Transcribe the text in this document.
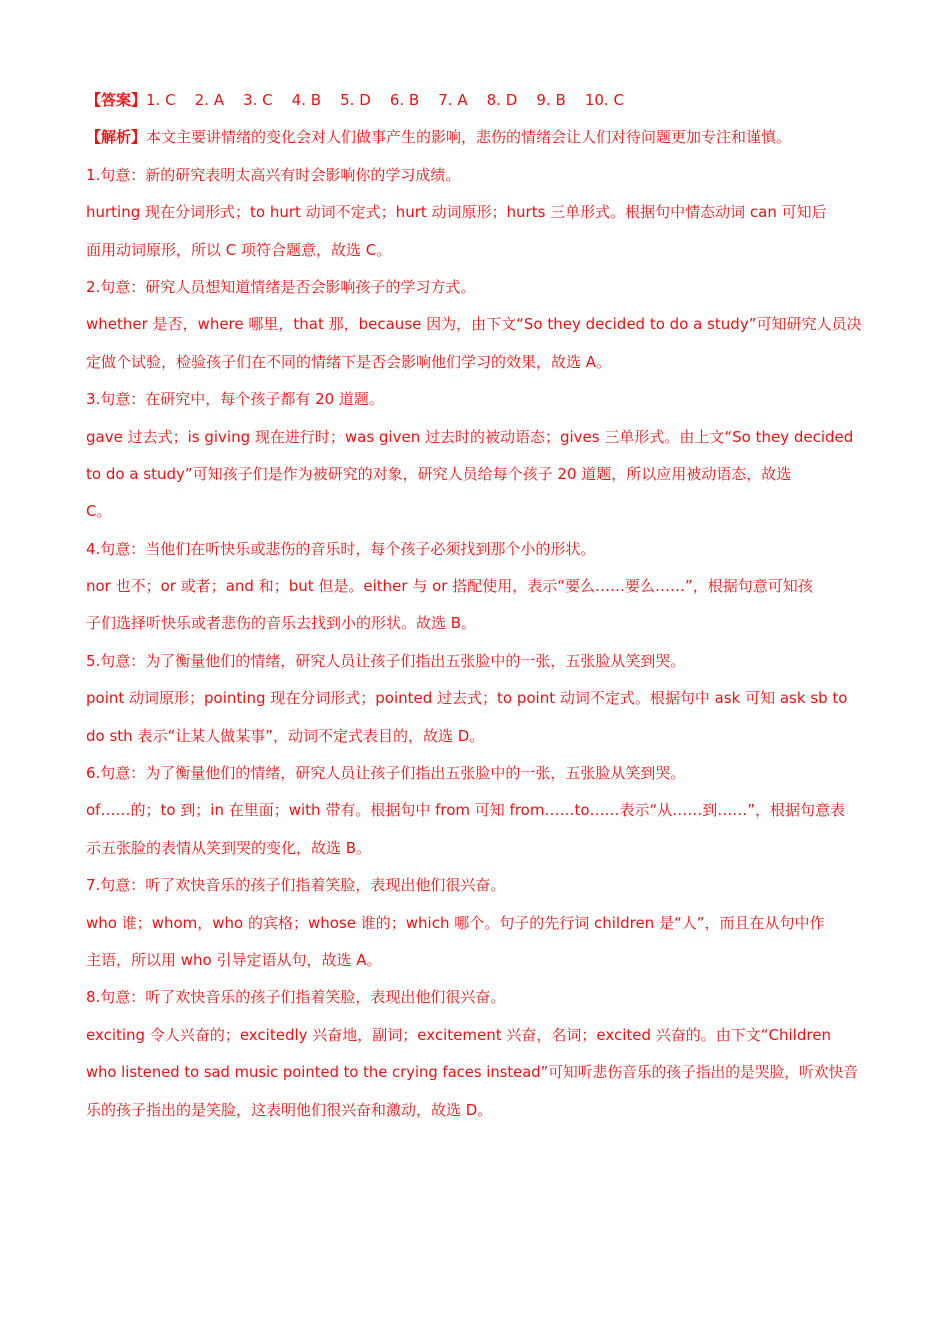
【答案】1. C    2. A    3. C    4. B    5. D    6. B    7. A    8. D    9. B    10. C
【解析】本文主要讲情绪的变化会对人们做事产生的影响，悲伤的情绪会让人们对待问题更加专注和谨慎。
1.句意：新的研究表明太高兴有时会影响你的学习成绩。
hurting 现在分词形式；to hurt 动词不定式；hurt 动词原形；hurts 三单形式。根据句中情态动词 can 可知后
面用动词原形，所以 C 项符合题意，故选 C。
2.句意：研究人员想知道情绪是否会影响孩子的学习方式。
whether 是否，where 哪里，that 那，because 因为，由下文“So they decided to do a study”可知研究人员决
定做个试验，检验孩子们在不同的情绪下是否会影响他们学习的效果，故选 A。
3.句意：在研究中，每个孩子都有 20 道题。
gave 过去式；is giving 现在进行时；was given 过去时的被动语态；gives 三单形式。由上文“So they decided
to do a study”可知孩子们是作为被研究的对象，研究人员给每个孩子 20 道题，所以应用被动语态，故选
C。
4.句意：当他们在听快乐或悲伤的音乐时，每个孩子必须找到那个小的形状。
nor 也不；or 或者；and 和；but 但是。either 与 or 搭配使用，表示“要么……要么……”，根据句意可知孩
子们选择听快乐或者悲伤的音乐去找到小的形状。故选 B。
5.句意：为了衡量他们的情绪，研究人员让孩子们指出五张脸中的一张，五张脸从笑到哭。
point 动词原形；pointing 现在分词形式；pointed 过去式；to point 动词不定式。根据句中 ask 可知 ask sb to
do sth 表示“让某人做某事”，动词不定式表目的，故选 D。
6.句意：为了衡量他们的情绪，研究人员让孩子们指出五张脸中的一张，五张脸从笑到哭。
of……的；to 到；in 在里面；with 带有。根据句中 from 可知 from……to……表示“从……到……”，根据句意表
示五张脸的表情从笑到哭的变化，故选 B。
7.句意：听了欢快音乐的孩子们指着笑脸，表现出他们很兴奋。
who 谁；whom，who 的宾格；whose 谁的；which 哪个。句子的先行词 children 是“人”，而且在从句中作
主语，所以用 who 引导定语从句，故选 A。
8.句意：听了欢快音乐的孩子们指着笑脸，表现出他们很兴奋。
exciting 令人兴奋的；excitedly 兴奋地，副词；excitement 兴奋，名词；excited 兴奋的。由下文“Children
who listened to sad music pointed to the crying faces instead”可知听悲伤音乐的孩子指出的是哭脸，听欢快音
乐的孩子指出的是笑脸，这表明他们很兴奋和激动，故选 D。
